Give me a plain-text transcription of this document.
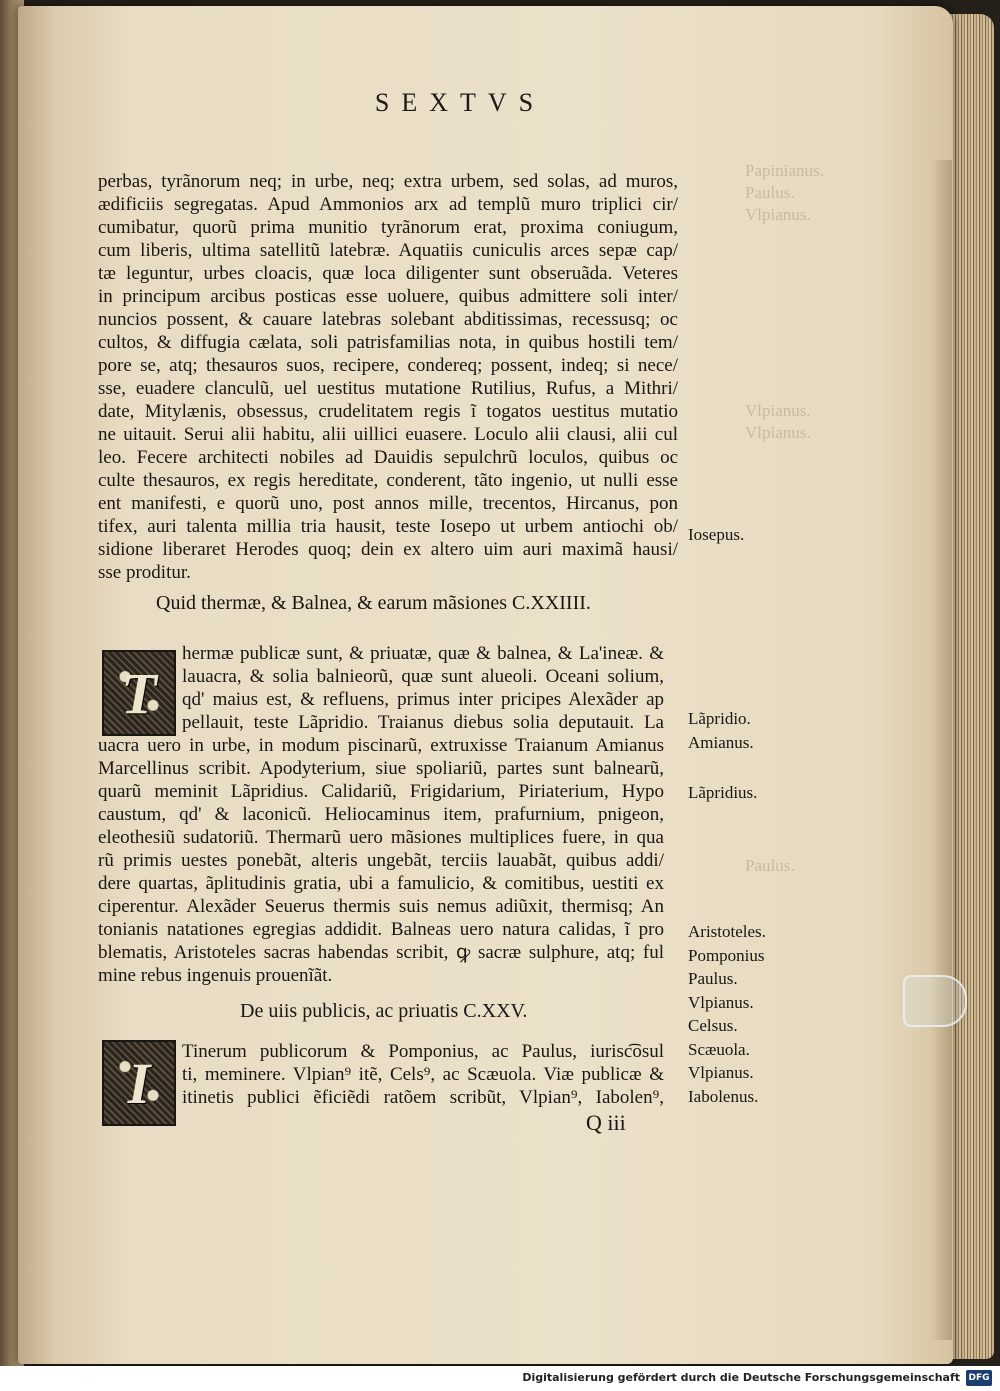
Papinianus.
Paulus.
Vlpianus.
Vlpianus.
Vlpianus.
Paulus.
SEXTVS
perbas, tyrãnorum neq; in urbe, neq; extra urbem, sed solas, ad muros,
ædificiis segregatas. Apud Ammonios arx ad templũ muro triplici cir/
cumibatur, quorũ prima munitio tyrãnorum erat, proxima coniugum,
cum liberis, ultima satellitũ latebræ. Aquatiis cuniculis arces sepæ cap/
tæ leguntur, urbes cloacis, quæ loca diligenter sunt obseruãda. Veteres
in principum arcibus posticas esse uoluere, quibus admittere soli inter/
nuncios possent, & cauare latebras solebant abditissimas, recessusq; oc
cultos, & diffugia cælata, soli patrisfamilias nota, in quibus hostili tem/
pore se, atq; thesauros suos, recipere, condereq; possent, indeq; si nece/
sse, euadere clanculũ, uel uestitus mutatione Rutilius, Rufus, a Mithri/
date, Mitylænis, obsessus, crudelitatem regis ĩ togatos uestitus mutatio
ne uitauit. Serui alii habitu, alii uillici euasere. Loculo alii clausi, alii cul
leo. Fecere architecti nobiles ad Dauidis sepulchrũ loculos, quibus oc
culte thesauros, ex regis hereditate, conderent, tãto ingenio, ut nulli esse
ent manifesti, e quorũ uno, post annos mille, trecentos, Hircanus, pon
tifex, auri talenta millia tria hausit, teste Iosepo ut urbem antiochi ob/
sidione liberaret Herodes quoq; dein ex altero uim auri maximã hausi/
sse proditur.
Quid thermæ, & Balnea, & earum mãsiones C.XXIIII.
T
hermæ publicæ sunt, & priuatæ, quæ & balnea, & La'ineæ. &
lauacra, & solia balnieorũ, quæ sunt alueoli. Oceani solium,
qd' maius est, & refluens, primus inter pricipes Alexãder ap
pellauit, teste Lãpridio. Traianus diebus solia deputauit. La
uacra uero in urbe, in modum piscinarũ, extruxisse Traianum Amianus
Marcellinus scribit. Apodyterium, siue spoliariũ, partes sunt balnearũ,
quarũ meminit Lãpridius. Calidariũ, Frigidarium, Piriaterium, Hypo
caustum, qd' & laconicũ. Heliocaminus item, prafurnium, pnigeon,
eleothesiũ sudatoriũ. Thermarũ uero mãsiones multiplices fuere, in qua
rũ primis uestes ponebãt, alteris ungebãt, terciis lauabãt, quibus addi/
dere quartas, ãplitudinis gratia, ubi a famulicio, & comitibus, uestiti ex
ciperentur. Alexãder Seuerus thermis suis nemus adiũxit, thermisq; An
tonianis natationes egregias addidit. Balneas uero natura calidas, ĩ pro
blematis, Aristoteles sacras habendas scribit, ꝙ sacræ sulphure, atq; ful
mine rebus ingenuis prouenĩãt.
De uiis publicis, ac priuatis C.XXV.
I	Tinerum publicorum & Pomponius, ac Paulus, iurisc͡osul
ti, meminere. Vlpian⁹ itẽ, Cels⁹, ac Scæuola. Viæ publicæ &
itinetis publici ẽficiẽdi ratõem scribũt, Vlpian⁹, Iabolen⁹,
Q iii
Iosepus.
Lãpridio.
Amianus.
Lãpridius.
Aristoteles.
Pomponius
Paulus.
Vlpianus.
Celsus.
Scæuola.
Vlpianus.
Iabolenus.
Digitalisierung gefördert durch die Deutsche Forschungsgemeinschaft DFG
